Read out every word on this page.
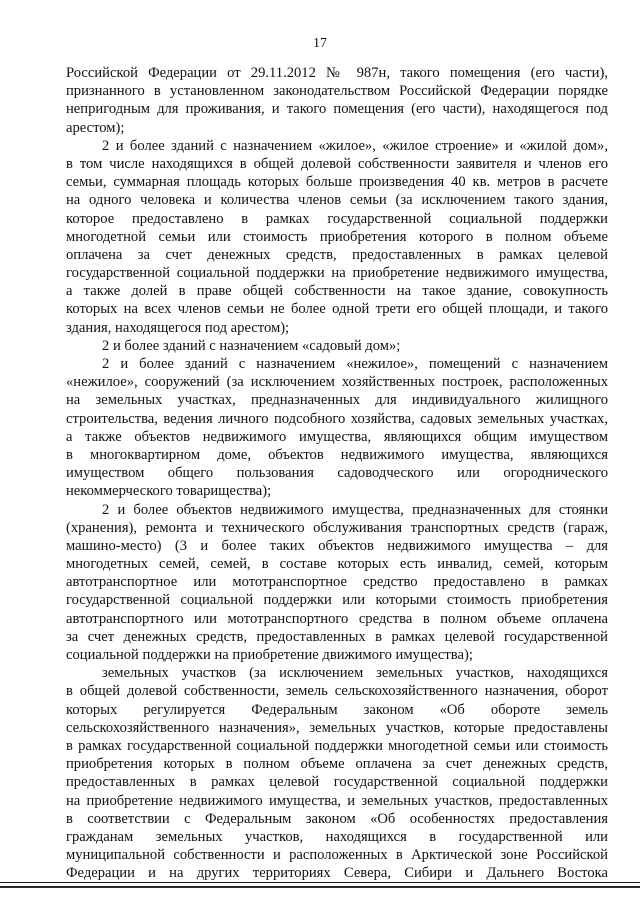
17
Российской Федерации от 29.11.2012 № 987н, такого помещения (его части),
признанного в установленном законодательством Российской Федерации порядке
непригодным для проживания, и такого помещения (его части), находящегося под
арестом);
2 и более зданий с назначением «жилое», «жилое строение» и «жилой дом»,
в том числе находящихся в общей долевой собственности заявителя и членов его
семьи, суммарная площадь которых больше произведения 40 кв. метров в расчете
на одного человека и количества членов семьи (за исключением такого здания,
которое предоставлено в рамках государственной социальной поддержки
многодетной семьи или стоимость приобретения которого в полном объеме
оплачена за счет денежных средств, предоставленных в рамках целевой
государственной социальной поддержки на приобретение недвижимого имущества,
а также долей в праве общей собственности на такое здание, совокупность
которых на всех членов семьи не более одной трети его общей площади, и такого
здания, находящегося под арестом);
2 и более зданий с назначением «садовый дом»;
2 и более зданий с назначением «нежилое», помещений с назначением
«нежилое», сооружений (за исключением хозяйственных построек, расположенных
на земельных участках, предназначенных для индивидуального жилищного
строительства, ведения личного подсобного хозяйства, садовых земельных участках,
а также объектов недвижимого имущества, являющихся общим имуществом
в многоквартирном доме, объектов недвижимого имущества, являющихся
имуществом общего пользования садоводческого или огороднического
некоммерческого товарищества);
2 и более объектов недвижимого имущества, предназначенных для стоянки
(хранения), ремонта и технического обслуживания транспортных средств (гараж,
машино-место) (3 и более таких объектов недвижимого имущества – для
многодетных семей, семей, в составе которых есть инвалид, семей, которым
автотранспортное или мототранспортное средство предоставлено в рамках
государственной социальной поддержки или которыми стоимость приобретения
автотранспортного или мототранспортного средства в полном объеме оплачена
за счет денежных средств, предоставленных в рамках целевой государственной
социальной поддержки на приобретение движимого имущества);
земельных участков (за исключением земельных участков, находящихся
в общей долевой собственности, земель сельскохозяйственного назначения, оборот
которых регулируется Федеральным законом «Об обороте земель
сельскохозяйственного назначения», земельных участков, которые предоставлены
в рамках государственной социальной поддержки многодетной семьи или стоимость
приобретения которых в полном объеме оплачена за счет денежных средств,
предоставленных в рамках целевой государственной социальной поддержки
на приобретение недвижимого имущества, и земельных участков, предоставленных
в соответствии с Федеральным законом «Об особенностях предоставления
гражданам земельных участков, находящихся в государственной или
муниципальной собственности и расположенных в Арктической зоне Российской
Федерации и на других территориях Севера, Сибири и Дальнего Востока
